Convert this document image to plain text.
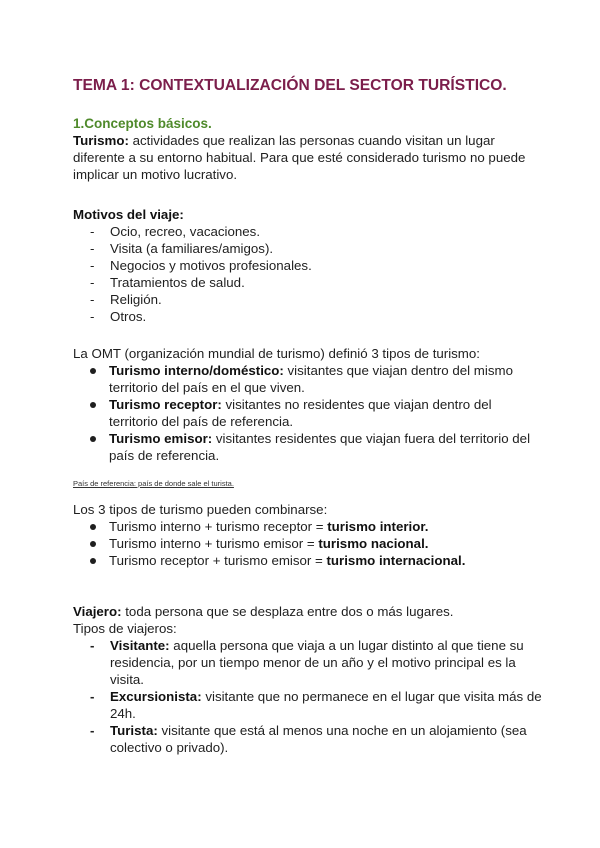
TEMA 1: CONTEXTUALIZACIÓN DEL SECTOR TURÍSTICO.
1.Conceptos básicos.

Turismo: actividades que realizan las personas cuando visitan un lugar diferente a su entorno habitual. Para que esté considerado turismo no puede implicar un motivo lucrativo.

Motivos del viaje:

- Ocio, recreo, vacaciones.
- Visita (a familiares/amigos).
- Negocios y motivos profesionales.
- Tratamientos de salud.
- Religión.
- Otros.

La OMT (organización mundial de turismo) definió 3 tipos de turismo:

Turismo interno/doméstico: visitantes que viajan dentro del mismo territorio del país en el que viven.
Turismo receptor: visitantes no residentes que viajan dentro del territorio del país de referencia.
Turismo emisor: visitantes residentes que viajan fuera del territorio del país de referencia.

País de referencia: país de donde sale el turista.

Los 3 tipos de turismo pueden combinarse:

Turismo interno + turismo receptor = turismo interior.
Turismo interno + turismo emisor = turismo nacional.
Turismo receptor + turismo emisor = turismo internacional.

Viajero: toda persona que se desplaza entre dos o más lugares.

Tipos de viajeros:

- Visitante: aquella persona que viaja a un lugar distinto al que tiene su residencia, por un tiempo menor de un año y el motivo principal es la visita.
- Excursionista: visitante que no permanece en el lugar que visita más de 24h.
- Turista: visitante que está al menos una noche en un alojamiento (sea colectivo o privado).
